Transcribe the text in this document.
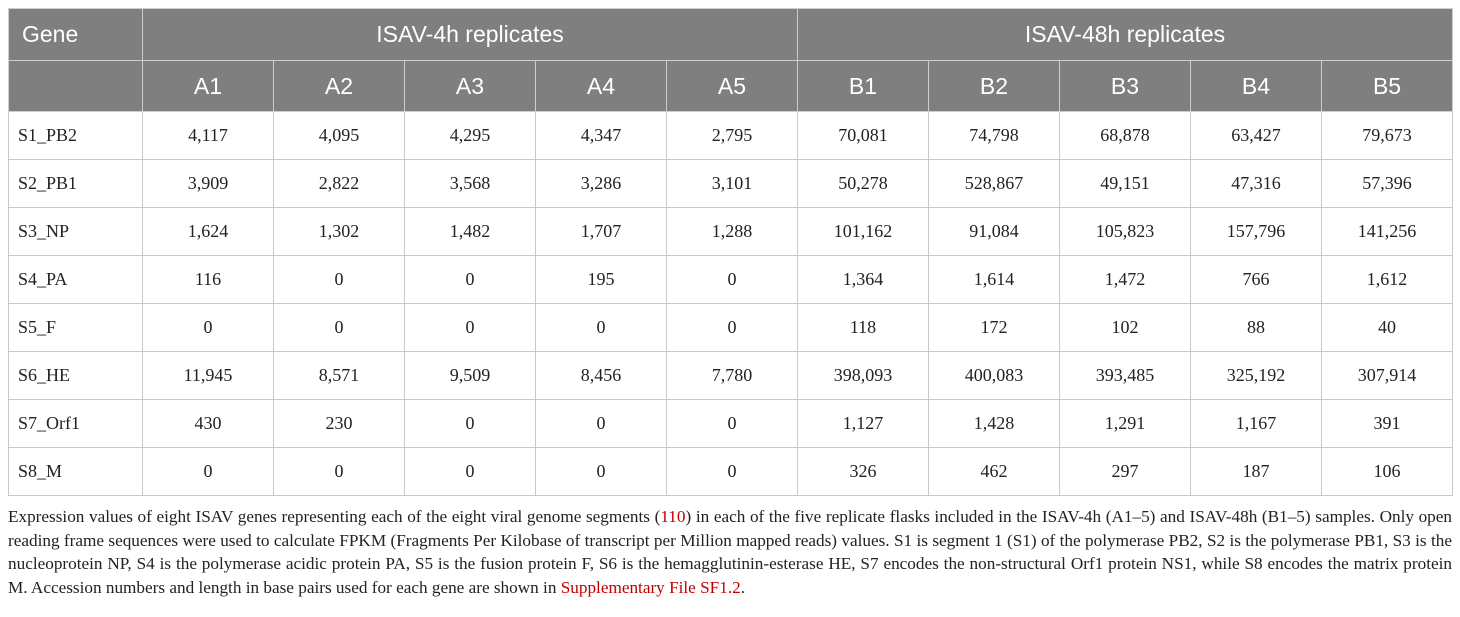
Gene	ISAV-4h replicates					ISAV-48h replicates				
	A1	A2	A3	A4	A5	B1	B2	B3	B4	B5
S1_PB2	4,117	4,095	4,295	4,347	2,795	70,081	74,798	68,878	63,427	79,673
S2_PB1	3,909	2,822	3,568	3,286	3,101	50,278	528,867	49,151	47,316	57,396
S3_NP	1,624	1,302	1,482	1,707	1,288	101,162	91,084	105,823	157,796	141,256
S4_PA	116	0	0	195	0	1,364	1,614	1,472	766	1,612
S5_F	0	0	0	0	0	118	172	102	88	40
S6_HE	11,945	8,571	9,509	8,456	7,780	398,093	400,083	393,485	325,192	307,914
S7_Orf1	430	230	0	0	0	1,127	1,428	1,291	1,167	391
S8_M	0	0	0	0	0	326	462	297	187	106

Expression values of eight ISAV genes representing each of the eight viral genome segments (110) in each of the five replicate flasks included in the ISAV-4h (A1–5) and ISAV-48h (B1–5) samples. Only open reading frame sequences were used to calculate FPKM (Fragments Per Kilobase of transcript per Million mapped reads) values. S1 is segment 1 (S1) of the polymerase PB2, S2 is the polymerase PB1, S3 is the nucleoprotein NP, S4 is the polymerase acidic protein PA, S5 is the fusion protein F, S6 is the hemagglutinin-esterase HE, S7 encodes the non-structural Orf1 protein NS1, while S8 encodes the matrix protein M. Accession numbers and length in base pairs used for each gene are shown in Supplementary File SF1.2.
